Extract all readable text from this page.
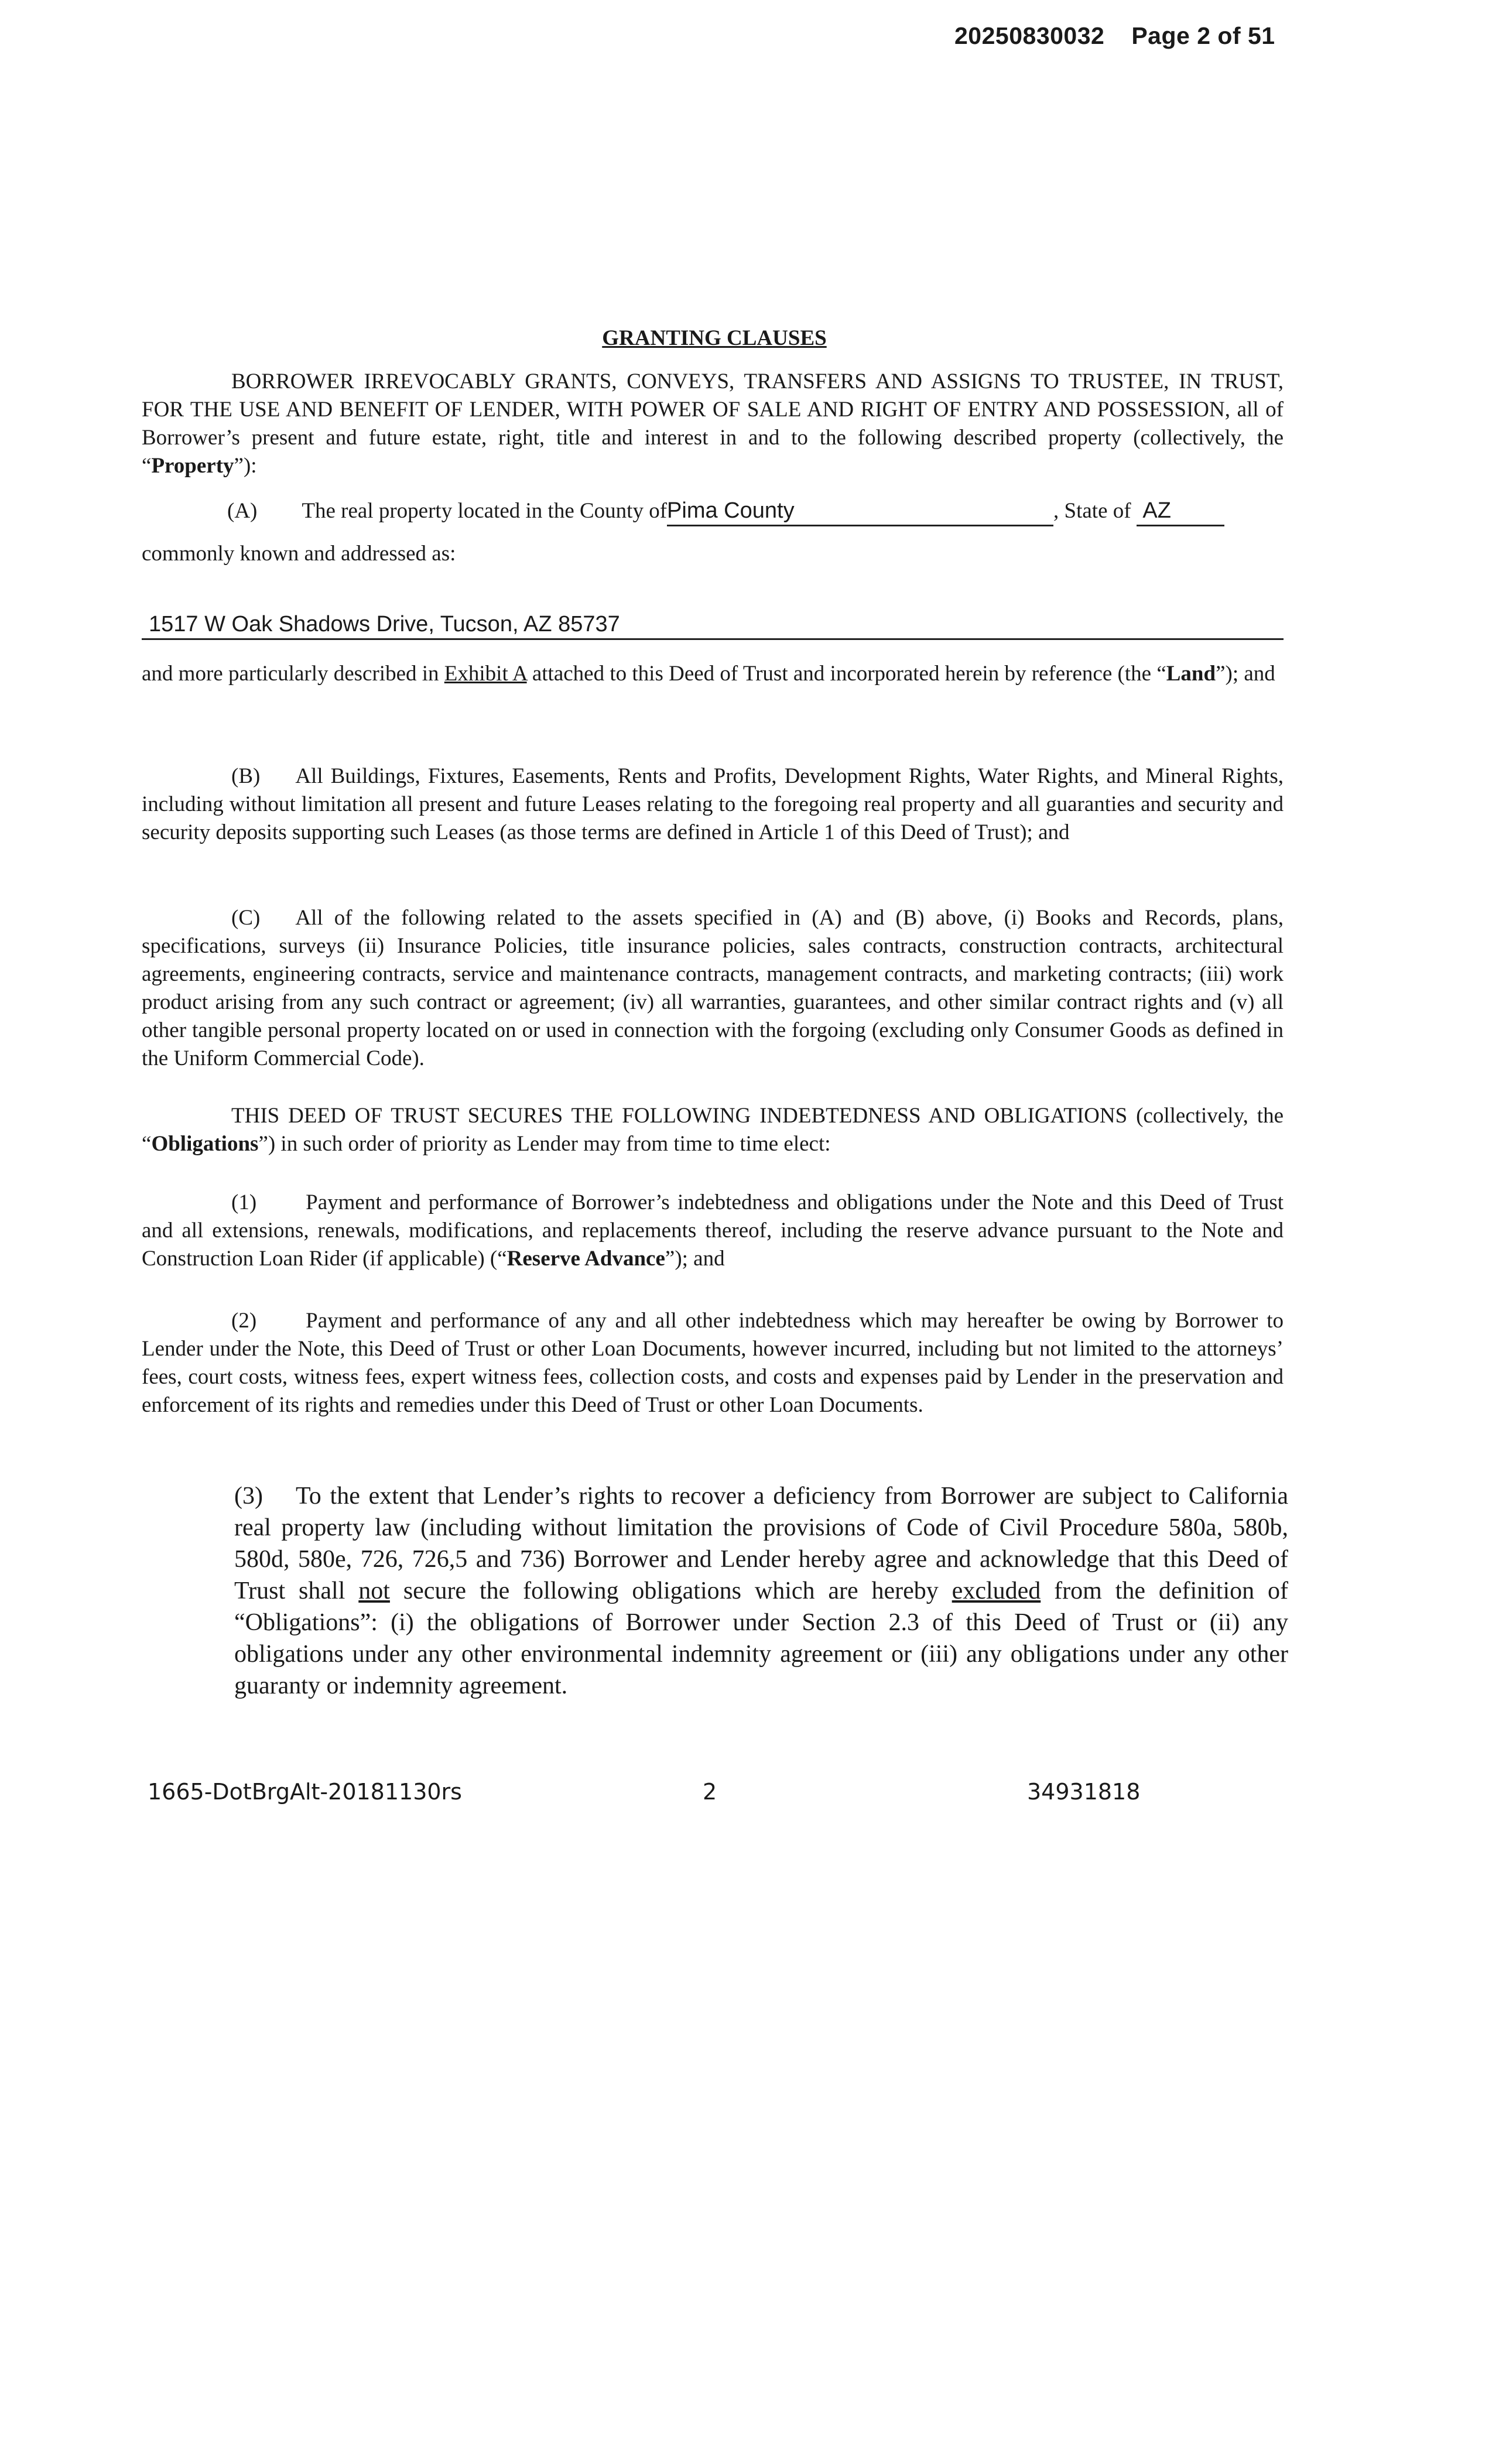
20250830032 Page 2 of 51
GRANTING CLAUSES
BORROWER IRREVOCABLY GRANTS, CONVEYS, TRANSFERS AND ASSIGNS TO TRUSTEE, IN TRUST, FOR THE USE AND BENEFIT OF LENDER, WITH POWER OF SALE AND RIGHT OF ENTRY AND POSSESSION, all of Borrower’s present and future estate, right, title and interest in and to the following described property (collectively, the “Property”):
(A) The real property located in the County ofPima County	, State of AZ
commonly known and addressed as:
1517 W Oak Shadows Drive, Tucson, AZ 85737
and more particularly described in Exhibit A attached to this Deed of Trust and incorporated herein by reference (the “Land”); and
(B) All Buildings, Fixtures, Easements, Rents and Profits, Development Rights, Water Rights, and Mineral Rights, including without limitation all present and future Leases relating to the foregoing real property and all guaranties and security and security deposits supporting such Leases (as those terms are defined in Article 1 of this Deed of Trust); and
(C) All of the following related to the assets specified in (A) and (B) above, (i) Books and Records, plans, specifications, surveys (ii) Insurance Policies, title insurance policies, sales contracts, construction contracts, architectural agreements, engineering contracts, service and maintenance contracts, management contracts, and marketing contracts; (iii) work product arising from any such contract or agreement; (iv) all warranties, guarantees, and other similar contract rights and (v) all other tangible personal property located on or used in connection with the forgoing (excluding only Consumer Goods as defined in the Uniform Commercial Code).
THIS DEED OF TRUST SECURES THE FOLLOWING INDEBTEDNESS AND OBLIGATIONS (collectively, the “Obligations”) in such order of priority as Lender may from time to time elect:
(1) Payment and performance of Borrower’s indebtedness and obligations under the Note and this Deed of Trust and all extensions, renewals, modifications, and replacements thereof, including the reserve advance pursuant to the Note and Construction Loan Rider (if applicable) (“Reserve Advance”); and
(2) Payment and performance of any and all other indebtedness which may hereafter be owing by Borrower to Lender under the Note, this Deed of Trust or other Loan Documents, however incurred, including but not limited to the attorneys’ fees, court costs, witness fees, expert witness fees, collection costs, and costs and expenses paid by Lender in the preservation and enforcement of its rights and remedies under this Deed of Trust or other Loan Documents.
(3) To the extent that Lender’s rights to recover a deficiency from Borrower are subject to California real property law (including without limitation the provisions of Code of Civil Procedure 580a, 580b, 580d, 580e, 726, 726,5 and 736) Borrower and Lender hereby agree and acknowledge that this Deed of Trust shall not secure the following obligations which are hereby excluded from the definition of “Obligations”: (i) the obligations of Borrower under Section 2.3 of this Deed of Trust or (ii) any obligations under any other environmental indemnity agreement or (iii) any obligations under any other guaranty or indemnity agreement.
1665-DotBrgAlt-20181130rs	2	34931818
